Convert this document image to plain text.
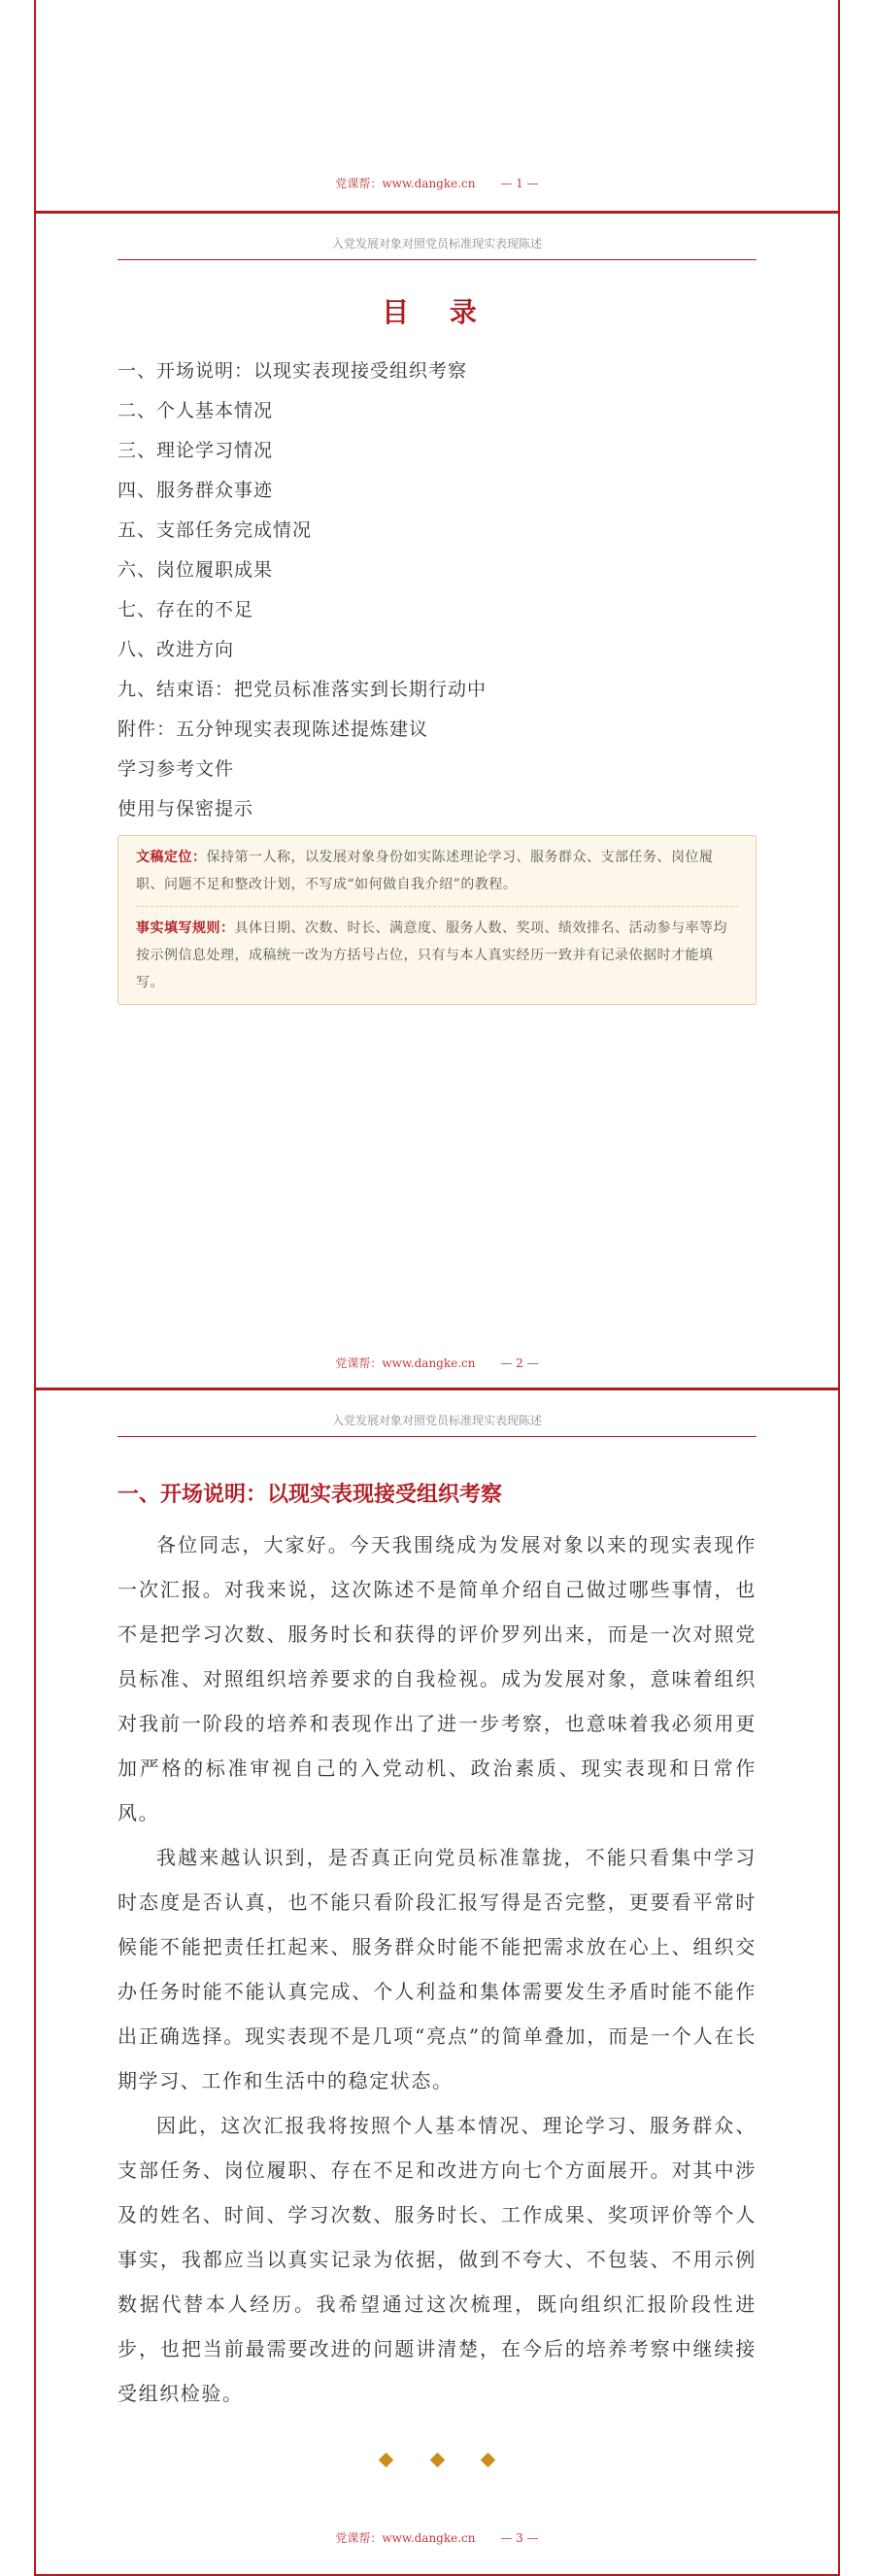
党课帮：www.dangke.cn — 1 —
入党发展对象对照党员标准现实表现陈述
目 录
一、开场说明：以现实表现接受组织考察
二、个人基本情况
三、理论学习情况
四、服务群众事迹
五、支部任务完成情况
六、岗位履职成果
七、存在的不足
八、改进方向
九、结束语：把党员标准落实到长期行动中
附件：五分钟现实表现陈述提炼建议
学习参考文件
使用与保密提示

文稿定位：保持第一人称，以发展对象身份如实陈述理论学习、服务群众、支部任务、岗位履职、问题不足和整改计划，不写成“如何做自我介绍”的教程。

事实填写规则：具体日期、次数、时长、满意度、服务人数、奖项、绩效排名、活动参与率等均按示例信息处理，成稿统一改为方括号占位，只有与本人真实经历一致并有记录依据时才能填写。

党课帮：www.dangke.cn — 2 —
入党发展对象对照党员标准现实表现陈述
一、开场说明：以现实表现接受组织考察

各位同志，大家好。今天我围绕成为发展对象以来的现实表现作一次汇报。对我来说，这次陈述不是简单介绍自己做过哪些事情，也不是把学习次数、服务时长和获得的评价罗列出来，而是一次对照党员标准、对照组织培养要求的自我检视。成为发展对象，意味着组织对我前一阶段的培养和表现作出了进一步考察，也意味着我必须用更加严格的标准审视自己的入党动机、政治素质、现实表现和日常作风。

我越来越认识到，是否真正向党员标准靠拢，不能只看集中学习时态度是否认真，也不能只看阶段汇报写得是否完整，更要看平常时候能不能把责任扛起来、服务群众时能不能把需求放在心上、组织交办任务时能不能认真完成、个人利益和集体需要发生矛盾时能不能作出正确选择。现实表现不是几项“亮点”的简单叠加，而是一个人在长期学习、工作和生活中的稳定状态。

因此，这次汇报我将按照个人基本情况、理论学习、服务群众、支部任务、岗位履职、存在不足和改进方向七个方面展开。对其中涉及的姓名、时间、学习次数、服务时长、工作成果、奖项评价等个人事实，我都应当以真实记录为依据，做到不夸大、不包装、不用示例数据代替本人经历。我希望通过这次梳理，既向组织汇报阶段性进步，也把当前最需要改进的问题讲清楚，在今后的培养考察中继续接受组织检验。

党课帮：www.dangke.cn — 3 —
